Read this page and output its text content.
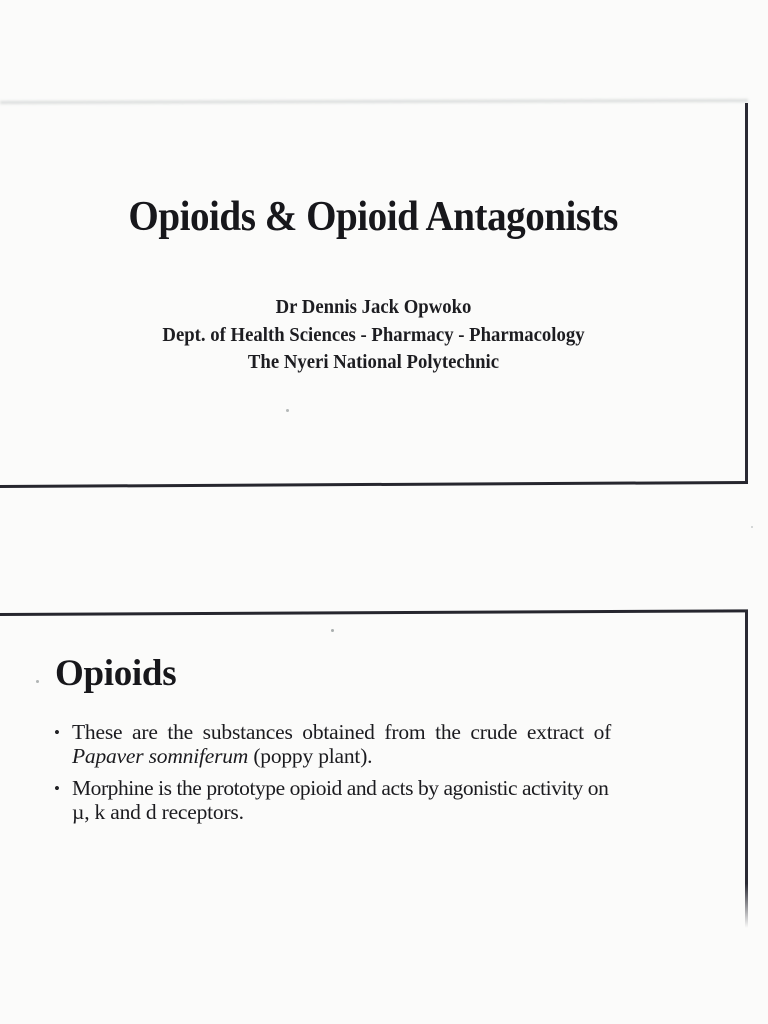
Opioids & Opioid Antagonists
Dr Dennis Jack Opwoko
Dept. of Health Sciences - Pharmacy - Pharmacology
The Nyeri National Polytechnic
Opioids
• These are the substances obtained from the crude extract of
Papaver somniferum (poppy plant).
• Morphine is the prototype opioid and acts by agonistic activity on
µ, k and d receptors.
